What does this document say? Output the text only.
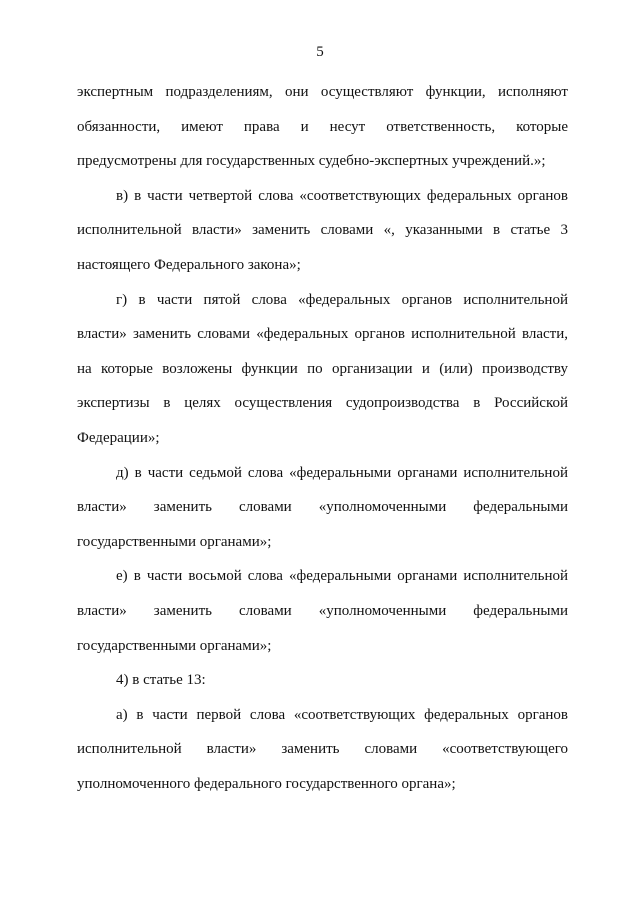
5
экспертным подразделениям, они осуществляют функции, исполняют
обязанности, имеют права и несут ответственность, которые
предусмотрены для государственных судебно-экспертных учреждений.»;
в) в части четвертой слова «соответствующих федеральных органов
исполнительной власти» заменить словами «, указанными в статье 3
настоящего Федерального закона»;
г) в части пятой слова «федеральных органов исполнительной
власти» заменить словами «федеральных органов исполнительной власти,
на которые возложены функции по организации и (или) производству
экспертизы в целях осуществления судопроизводства в Российской
Федерации»;
д) в части седьмой слова «федеральными органами исполнительной
власти» заменить словами «уполномоченными федеральными
государственными органами»;
е) в части восьмой слова «федеральными органами исполнительной
власти» заменить словами «уполномоченными федеральными
государственными органами»;
4) в статье 13:
а) в части первой слова «соответствующих федеральных органов
исполнительной власти» заменить словами «соответствующего
уполномоченного федерального государственного органа»;
